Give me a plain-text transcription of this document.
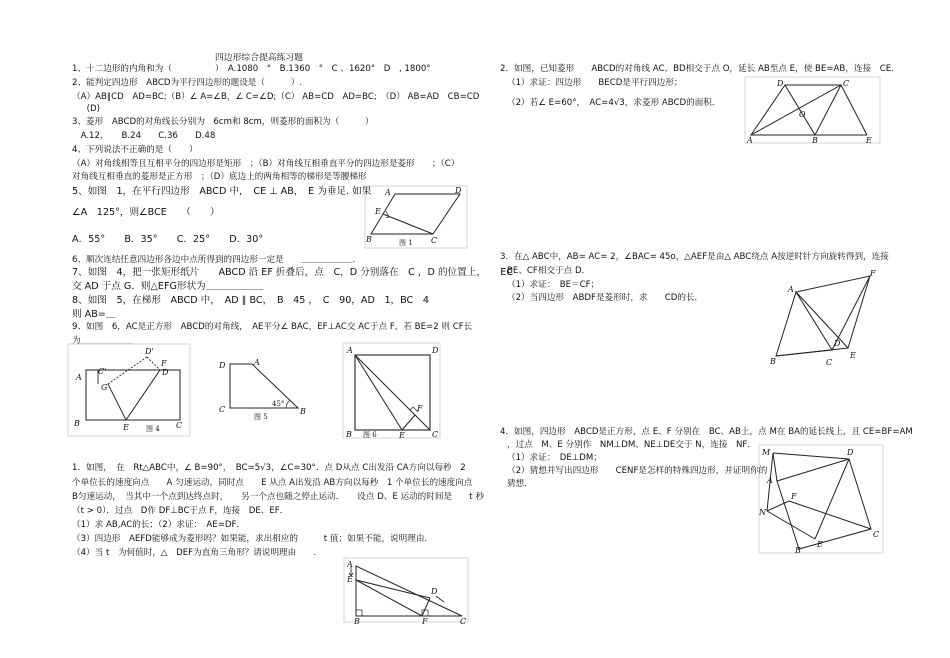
四边形综合提高练习题
1、十二边形的内角和为（　　　　　）　A.1080　°　B.1360　°　C 、1620°　D　, 1800°
2、能判定四边形　ABCD为平行四边形的题设是（　　　）.
（A）AB∥CD　AD=BC;（B）∠ A=∠B，∠ C=∠D;（C） AB=CD　AD=BC;　（D） AB=AD　CB=CD
　(D)
3、菱形　ABCD的对角线长分别为　6cm和 8cm，则菱形的面积为（　　　）
　A.12，　　B.24　　C.36　　D.48
4、下列说法不正确的是（　　）
（A）对角线相等且互相平分的四边形是矩形　；（B）对角线互相垂直平分的四边形是菱形　　；（C）
对角线互相垂直的菱形是正方形　；（D）底边上的两角相等的梯形是等腰梯形
5、如图　1，在平行四边形　ABCD 中，　CE ⊥ AB，　E 为垂足. 如果
∠A　125°，则∠BCE　　（　　）
A．55°　　B．35°　　C．25°　　D．30°
6、顺次连结任意四边形各边中点所得到的四边形一定是　　＿＿＿＿＿＿.
7、如图　4，把一张矩形纸片　　ABCD 沿 EF 折叠后，点　C，D 分别落在　C ，D 的位置上，　　EC
交 AD 于点 G．则△EFG形状为＿＿＿＿＿＿
8、如图　5，在梯形　ABCD 中，　AD ∥ BC，　B　45 ，　C　90，AD　1，BC　4
则 AB=＿
9、如图　6，AC是正方形　ABCD的对角线，　AE平分∠ BAC，EF⊥AC交 AC于点 F，若 BE=2 则 CF长
为＿＿＿＿＿＿
1．如图，　在　Rt△ABC中，∠ B=90°，　BC=5√3，∠C=30°．点 D从点 C出发沿 CA方向以每秒　2
个单位长的速度向点　　A 匀速运动，同时点　　E 从点 A出发沿 AB方向以每秒　1 个单位长的速度向点
B匀速运动，　当其中一个点到达终点时，　　另一个点也随之停止运动．　　设点 D、E 运动的时间是　　t 秒
（t > 0）．过点　D作 DF⊥BC于点 F，连接　DE、EF．
（1）求 AB,AC的长；（2）求证：　AE=DF．
（3）四边形　AEFD能够成为菱形吗？如果能，求出相应的　　　t 值；如果不能，说明理由．
（4）当 t　为何值时，△　DEF为直角三角形？请说明理由　　.
2．如图，已知菱形　　ABCD的对角线 AC、BD相交于点 O，延长 AB至点 E，使 BE=AB，连接　CE．
（1）求证：四边形　　BECD是平行四边形；
（2）若∠ E=60°，　AC=4√3，求菱形 ABCD的面积．
3．在△ ABC中，AB= AC= 2，∠BAC= 45o，△AEF是由△ ABC绕点 A按逆时针方向旋转得到，连接
BE、CF相交于点 D．
（1）求证：　BE＝CF；
（2）当四边形　ABDF是菱形时，求　　CD的长．
4．如图，四边形　ABCD是正方形，点 E、F 分别在　BC、AB上，点 M在 BA的延长线上，且 CE=BF=AM
，过点　M、E 分别作　NM⊥DM、NE⊥DE交于 N，连接　NF．
（1）求证：　DE⊥DM；
（2）猜想并写出四边形　　CENF是怎样的特殊四边形，并证明你的
猜想．
A	D
E
B	C
图 1
A
B	C
D
E
F
G
C'
D'
图 4
D	A
C	B
45°
图 5
A	D
B	C
E
F
图 6
A
B	C
D
E
F
D	C
A	B	E
O
A
B	C
D
E
F
M	D
C
A
F
B
E
N
